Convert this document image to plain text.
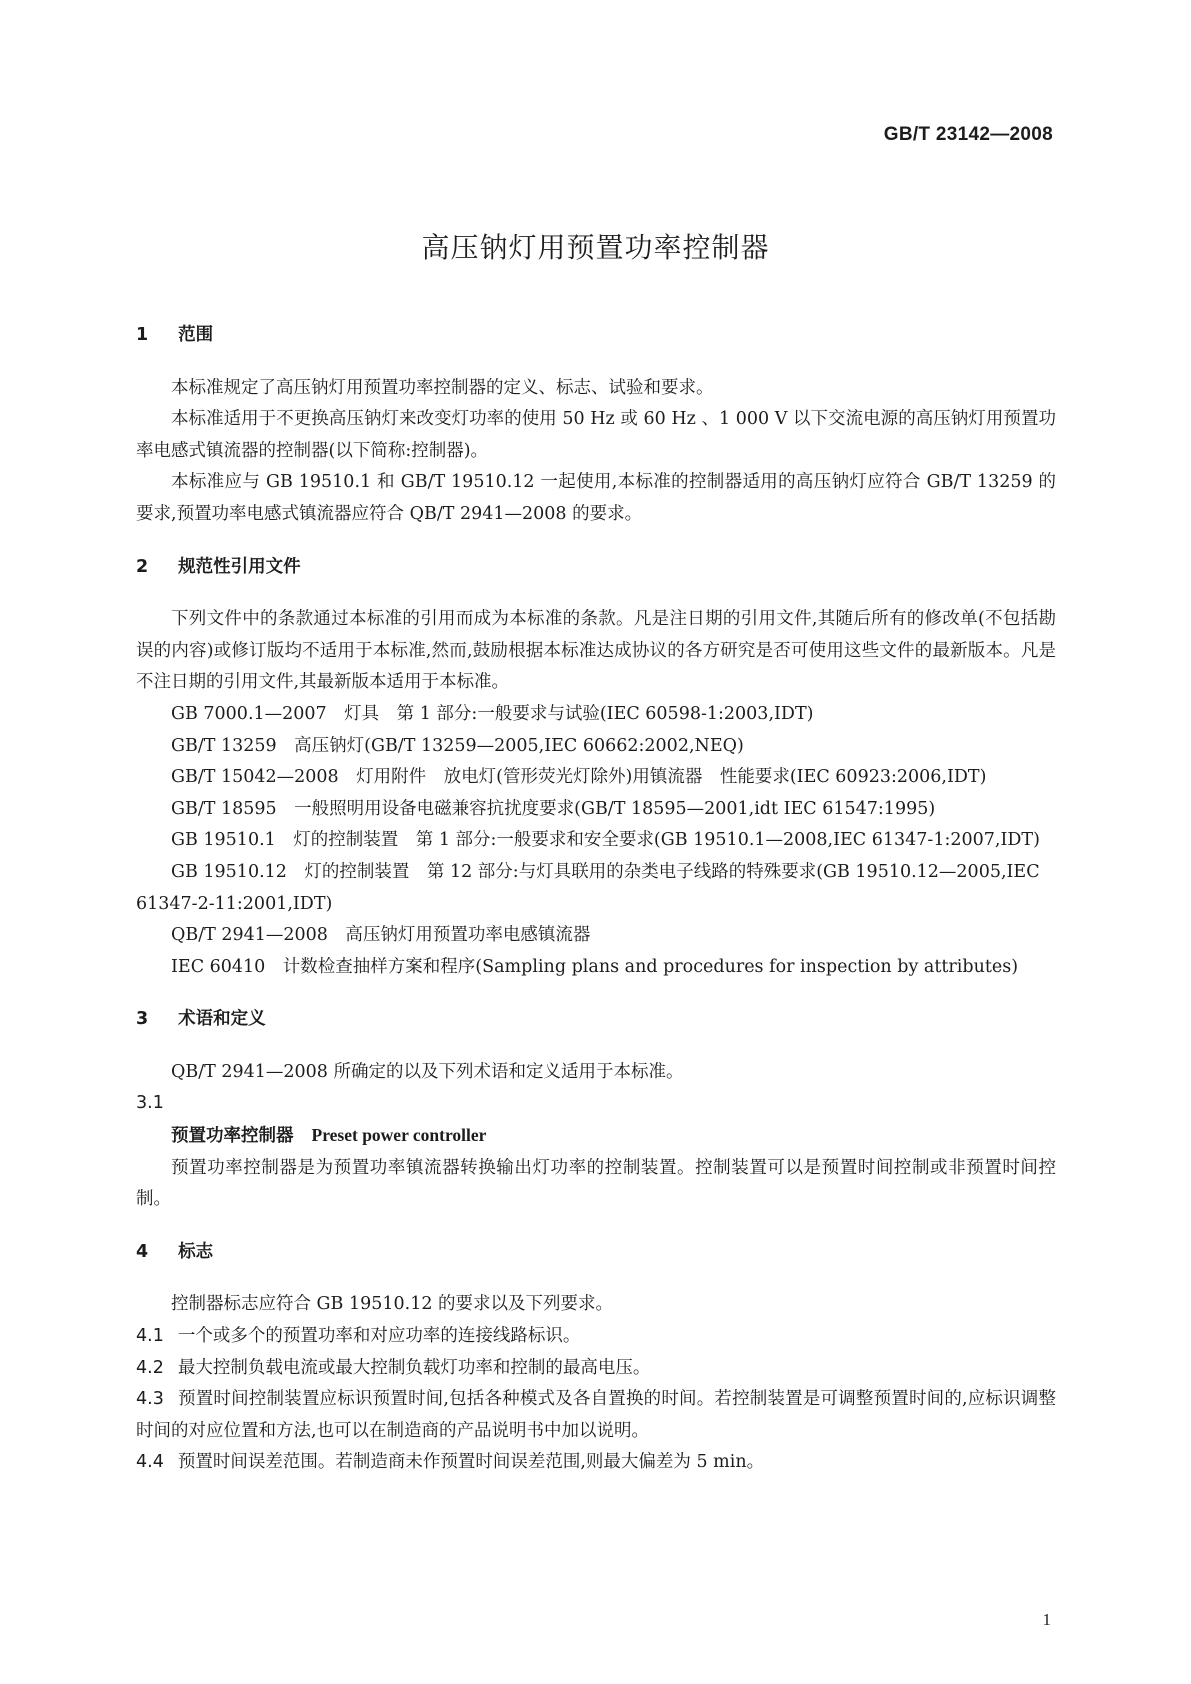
GB/T 23142—2008
高压钠灯用预置功率控制器
1 范围

本标准规定了高压钠灯用预置功率控制器的定义、标志、试验和要求。

本标准适用于不更换高压钠灯来改变灯功率的使用 50 Hz 或 60 Hz 、1 000 V 以下交流电源的高压钠灯用预置功率电感式镇流器的控制器(以下简称:控制器)。

本标准应与 GB 19510.1 和 GB/T 19510.12 一起使用,本标准的控制器适用的高压钠灯应符合 GB/T 13259 的要求,预置功率电感式镇流器应符合 QB/T 2941—2008 的要求。

2 规范性引用文件

下列文件中的条款通过本标准的引用而成为本标准的条款。凡是注日期的引用文件,其随后所有的修改单(不包括勘误的内容)或修订版均不适用于本标准,然而,鼓励根据本标准达成协议的各方研究是否可使用这些文件的最新版本。凡是不注日期的引用文件,其最新版本适用于本标准。

GB 7000.1—2007　灯具　第 1 部分:一般要求与试验(IEC 60598-1:2003,IDT)

GB/T 13259　高压钠灯(GB/T 13259—2005,IEC 60662:2002,NEQ)

GB/T 15042—2008　灯用附件　放电灯(管形荧光灯除外)用镇流器　性能要求(IEC 60923:2006,IDT)

GB/T 18595　一般照明用设备电磁兼容抗扰度要求(GB/T 18595—2001,idt IEC 61547:1995)

GB 19510.1　灯的控制装置　第 1 部分:一般要求和安全要求(GB 19510.1—2008,IEC 61347-1:2007,IDT)

GB 19510.12　灯的控制装置　第 12 部分:与灯具联用的杂类电子线路的特殊要求(GB 19510.12—2005,IEC 61347-2-11:2001,IDT)

QB/T 2941—2008　高压钠灯用预置功率电感镇流器

IEC 60410　计数检查抽样方案和程序(Sampling plans and procedures for inspection by attributes)

3 术语和定义

QB/T 2941—2008 所确定的以及下列术语和定义适用于本标准。

3.1

预置功率控制器 Preset power controller

预置功率控制器是为预置功率镇流器转换输出灯功率的控制装置。控制装置可以是预置时间控制或非预置时间控制。

4 标志

控制器标志应符合 GB 19510.12 的要求以及下列要求。

4.1 一个或多个的预置功率和对应功率的连接线路标识。

4.2 最大控制负载电流或最大控制负载灯功率和控制的最高电压。

4.3 预置时间控制装置应标识预置时间,包括各种模式及各自置换的时间。若控制装置是可调整预置时间的,应标识调整时间的对应位置和方法,也可以在制造商的产品说明书中加以说明。

4.4 预置时间误差范围。若制造商未作预置时间误差范围,则最大偏差为 5 min。

1
